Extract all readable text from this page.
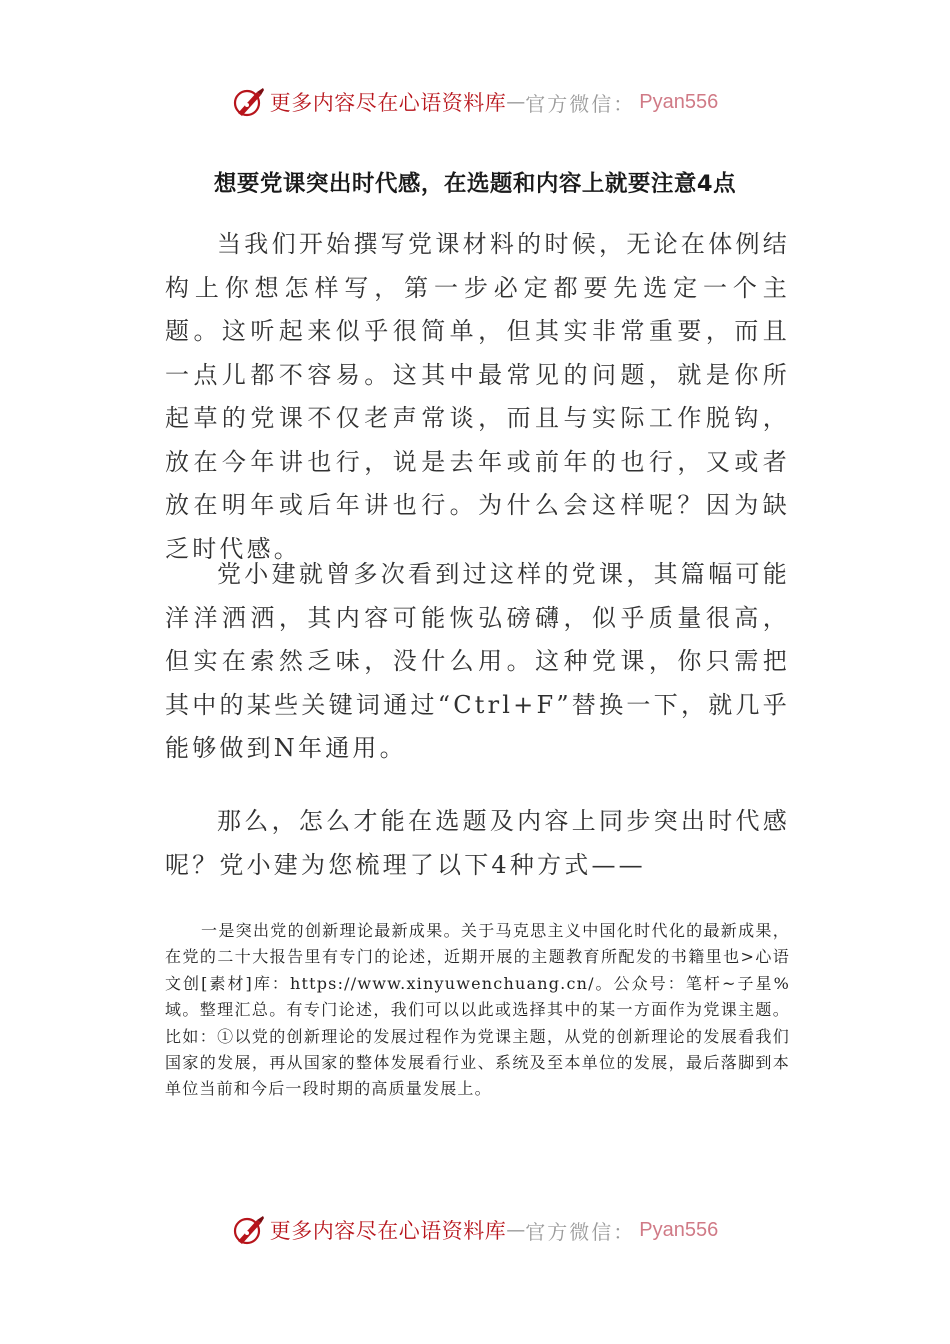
更多内容尽在心语资料库 — 官方微信： Pyan556
想要党课突出时代感，在选题和内容上就要注意4点

当我们开始撰写党课材料的时候，无论在体例结构上你想怎样写，第一步必定都要先选定一个主题。这听起来似乎很简单，但其实非常重要，而且一点儿都不容易。这其中最常见的问题，就是你所起草的党课不仅老声常谈，而且与实际工作脱钩，放在今年讲也行，说是去年或前年的也行，又或者放在明年或后年讲也行。为什么会这样呢？因为缺乏时代感。

党小建就曾多次看到过这样的党课，其篇幅可能洋洋洒洒，其内容可能恢弘磅礴，似乎质量很高，但实在索然乏味，没什么用。这种党课，你只需把其中的某些关键词通过“Ctrl+F”替换一下，就几乎能够做到N年通用。

那么，怎么才能在选题及内容上同步突出时代感呢？党小建为您梳理了以下4种方式——

一是突出党的创新理论最新成果。关于马克思主义中国化时代化的最新成果，在党的二十大报告里有专门的论述，近期开展的主题教育所配发的书籍里也>心语文创[素材]库：https://www.xinyuwenchuang.cn/。公众号：笔杆~子星%域。整理汇总。有专门论述，我们可以以此或选择其中的某一方面作为党课主题。比如：①以党的创新理论的发展过程作为党课主题，从党的创新理论的发展看我们国家的发展，再从国家的整体发展看行业、系统及至本单位的发展，最后落脚到本单位当前和今后一段时期的高质量发展上。

更多内容尽在心语资料库 — 官方微信： Pyan556
